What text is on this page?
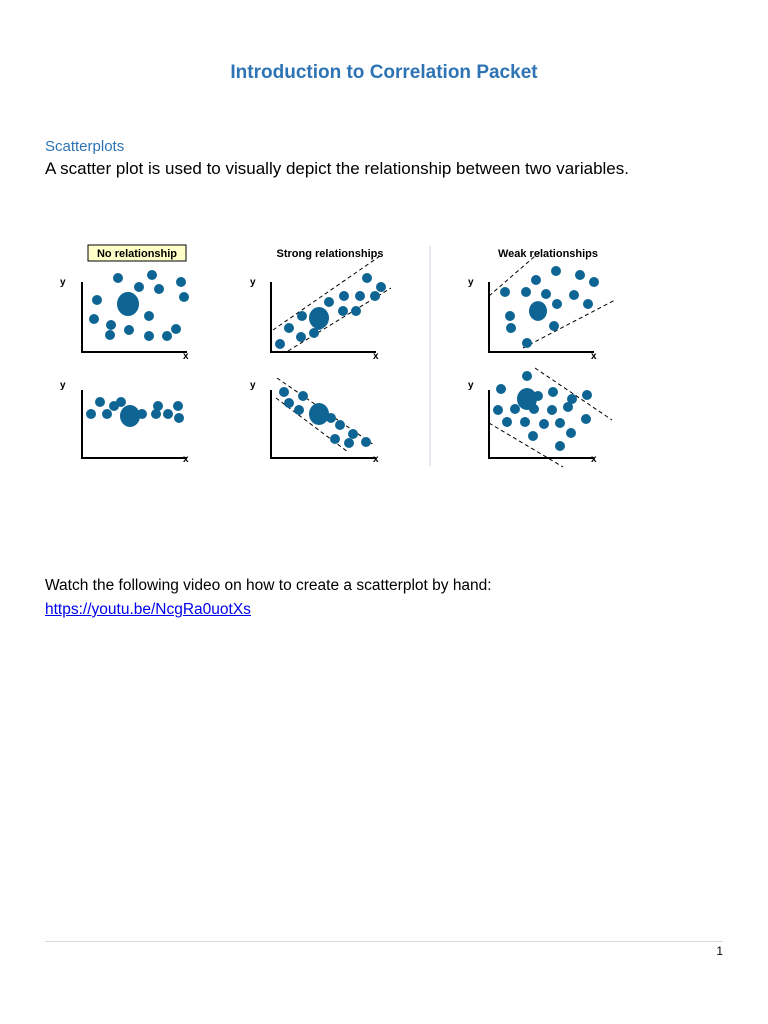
Introduction to Correlation Packet
Scatterplots
A scatter plot is used to visually depict the relationship between two variables.
No relationship	Strong relationships	Weak relationships
y
x
y
x
y
x
y
x
y
x
y
x
Watch the following video on how to create a scatterplot by hand:
https://youtu.be/NcgRa0uotXs
1
